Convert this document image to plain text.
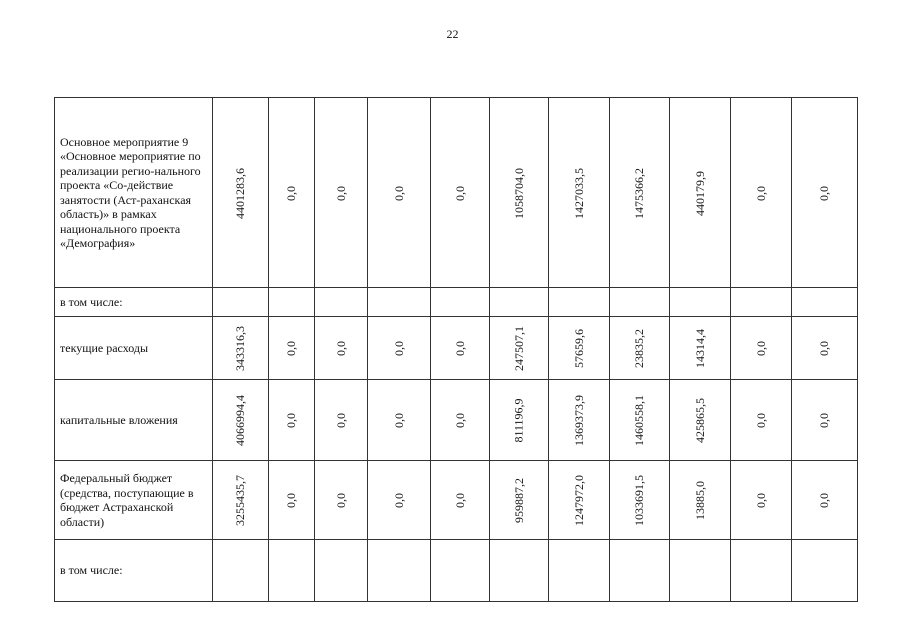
22
Основное мероприятие 9 «Основное мероприятие по реализации регио-нального проекта «Со-действие занятости (Аст-раханская область)» в рамках национального проекта «Демография»	4401283,6	0,0	0,0	0,0	0,0	1058704,0	1427033,5	1475366,2	440179,9	0,0	0,0
в том числе:											
текущие расходы	343316,3	0,0	0,0	0,0	0,0	247507,1	57659,6	23835,2	14314,4	0,0	0,0
капитальные вложения	4066994,4	0,0	0,0	0,0	0,0	811196,9	1369373,9	1460558,1	425865,5	0,0	0,0
Федеральный бюджет (средства, поступающие в бюджет Астраханской области)	3255435,7	0,0	0,0	0,0	0,0	959887,2	1247972,0	1033691,5	13885,0	0,0	0,0
в том числе:											
